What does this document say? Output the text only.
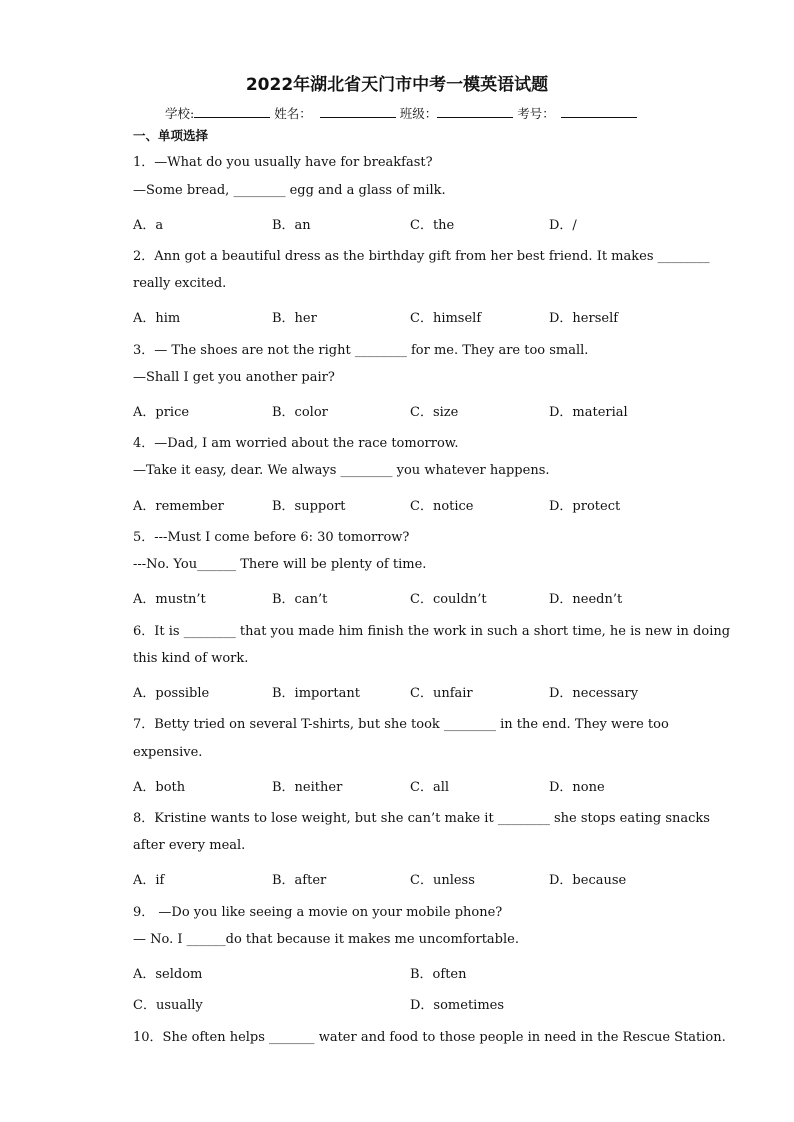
2022年湖北省天门市中考一模英语试题
学校:	姓名：	班级：	考号：
一、单项选择
1．—What do you usually have for breakfast?
—Some bread, ________ egg and a glass of milk.
A．a	B．an	C．the	D．/
2．Ann got a beautiful dress as the birthday gift from her best friend. It makes ________
really excited.
A．him	B．her	C．himself	D．herself
3．— The shoes are not the right ________ for me. They are too small.
—Shall I get you another pair?
A．price	B．color	C．size	D．material
4．—Dad, I am worried about the race tomorrow.
—Take it easy, dear. We always ________ you whatever happens.
A．remember	B．support	C．notice	D．protect
5．---Must I come before 6: 30 tomorrow?
---No. You______ There will be plenty of time.
A．mustn’t	B．can’t	C．couldn’t	D．needn’t
6．It is ________ that you made him finish the work in such a short time, he is new in doing
this kind of work.
A．possible	B．important	C．unfair	D．necessary
7．Betty tried on several T-shirts, but she took ________ in the end. They were too
expensive.
A．both	B．neither	C．all	D．none
8．Kristine wants to lose weight, but she can’t make it ________ she stops eating snacks
after every meal.
A．if	B．after	C．unless	D．because
9． —Do you like seeing a movie on your mobile phone?
— No. I ______do that because it makes me uncomfortable.
A．seldom	B．often
C．usually	D．sometimes
10．She often helps _______ water and food to those people in need in the Rescue Station.
